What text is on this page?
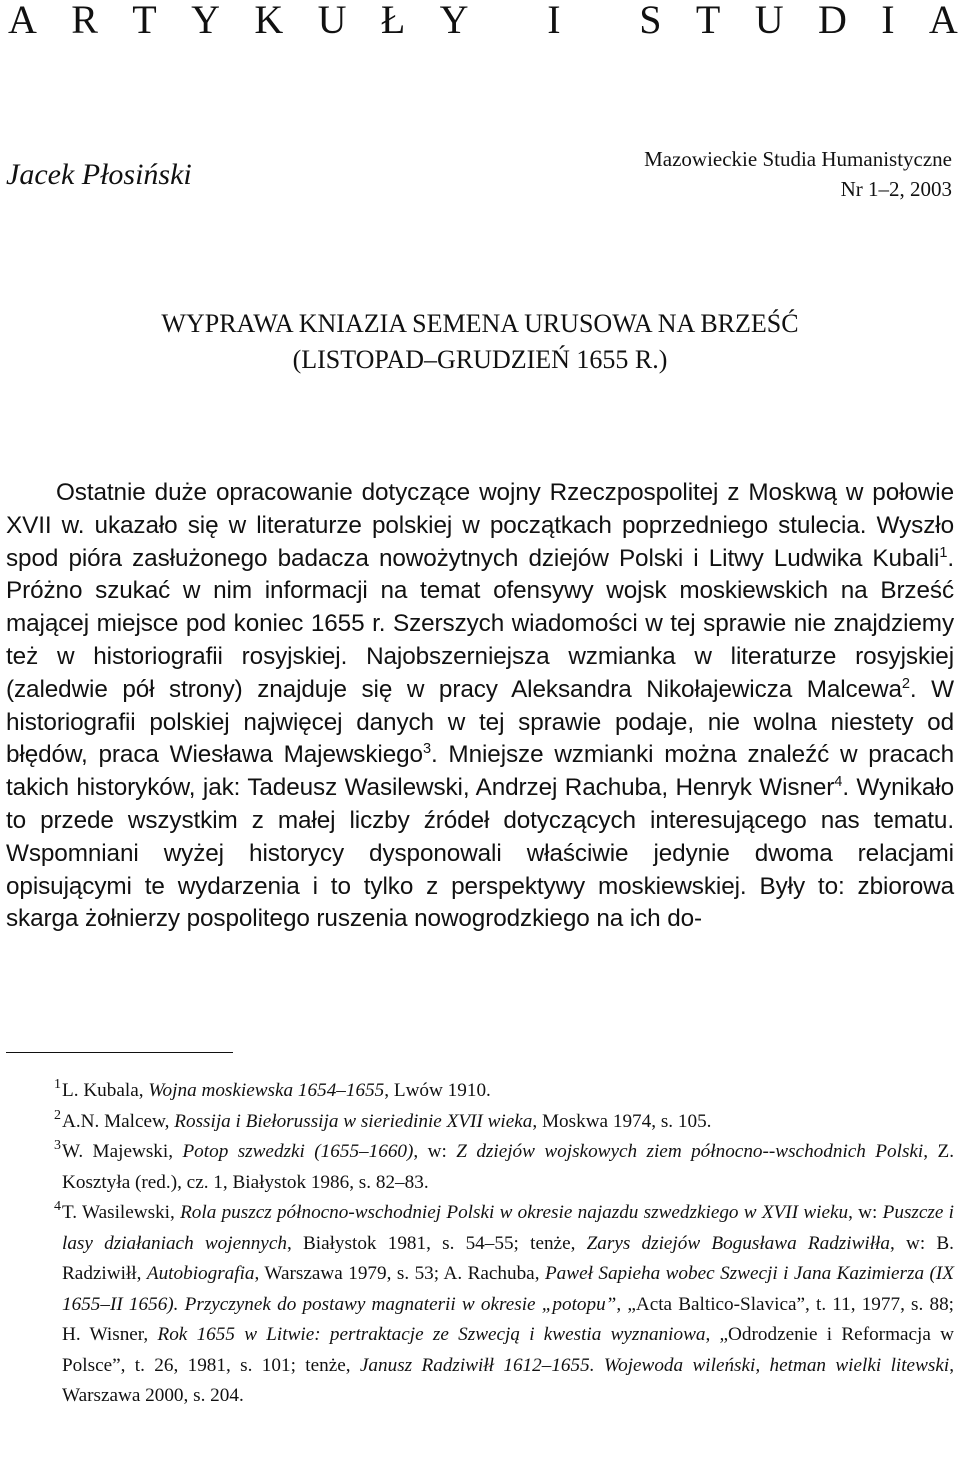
A R T Y K U Ł Y I S T U D I A
Jacek Płosiński	Mazowieckie Studia Humanistyczne
Nr 1–2, 2003
WYPRAWA KNIAZIA SEMENA URUSOWA NA BRZEŚĆ
(LISTOPAD–GRUDZIEŃ 1655 R.)

Ostatnie duże opracowanie dotyczące wojny Rzeczpospolitej z Moskwą w połowie XVII w. ukazało się w literaturze polskiej w początkach poprzedniego stulecia. Wyszło spod pióra zasłużonego badacza nowożytnych dziejów Polski i Litwy Ludwika Kubali$^1$. Próżno szukać w nim informacji na temat ofensywy wojsk moskiewskich na Brześć mającej miejsce pod koniec 1655 r. Szerszych wiadomości w tej sprawie nie znajdziemy też w historiografii rosyjskiej. Najobszerniejsza wzmianka w literaturze rosyjskiej (zaledwie pół strony) znajduje się w pracy Aleksandra Nikołajewicza Malcewa$^2$. W historiografii polskiej najwięcej danych w tej sprawie podaje, nie wolna niestety od błędów, praca Wiesława Majewskiego$^3$. Mniejsze wzmianki można znaleźć w pracach takich historyków, jak: Tadeusz Wasilewski, Andrzej Rachuba, Henryk Wisner$^4$. Wynikało to przede wszystkim z małej liczby źródeł dotyczących interesującego nas tematu. Wspomniani wyżej historycy dysponowali właściwie jedynie dwoma relacjami opisującymi te wydarzenia i to tylko z perspektywy moskiewskiej. Były to: zbiorowa skarga żołnierzy pospolitego ruszenia nowogrodzkiego na ich do-

1 L. Kubala, Wojna moskiewska 1654–1655, Lwów 1910.
2 A.N. Malcew, Rossija i Biełorussija w sieriedinie XVII wieka, Moskwa 1974, s. 105.
3 W. Majewski, Potop szwedzki (1655–1660), w: Z dziejów wojskowych ziem północno--wschodnich Polski, Z. Kosztyła (red.), cz. 1, Białystok 1986, s. 82–83.
4 T. Wasilewski, Rola puszcz północno-wschodniej Polski w okresie najazdu szwedzkiego w XVII wieku, w: Puszcze i lasy działaniach wojennych, Białystok 1981, s. 54–55; tenże, Zarys dziejów Bogusława Radziwiłła, w: B. Radziwiłł, Autobiografia, Warszawa 1979, s. 53; A. Rachuba, Paweł Sapieha wobec Szwecji i Jana Kazimierza (IX 1655–II 1656). Przyczynek do postawy magnaterii w okresie „potopu”, „Acta Baltico-Slavica”, t. 11, 1977, s. 88; H. Wisner, Rok 1655 w Litwie: pertraktacje ze Szwecją i kwestia wyznaniowa, „Odrodzenie i Reformacja w Polsce”, t. 26, 1981, s. 101; tenże, Janusz Radziwiłł 1612–1655. Wojewoda wileński, hetman wielki litewski, Warszawa 2000, s. 204.
